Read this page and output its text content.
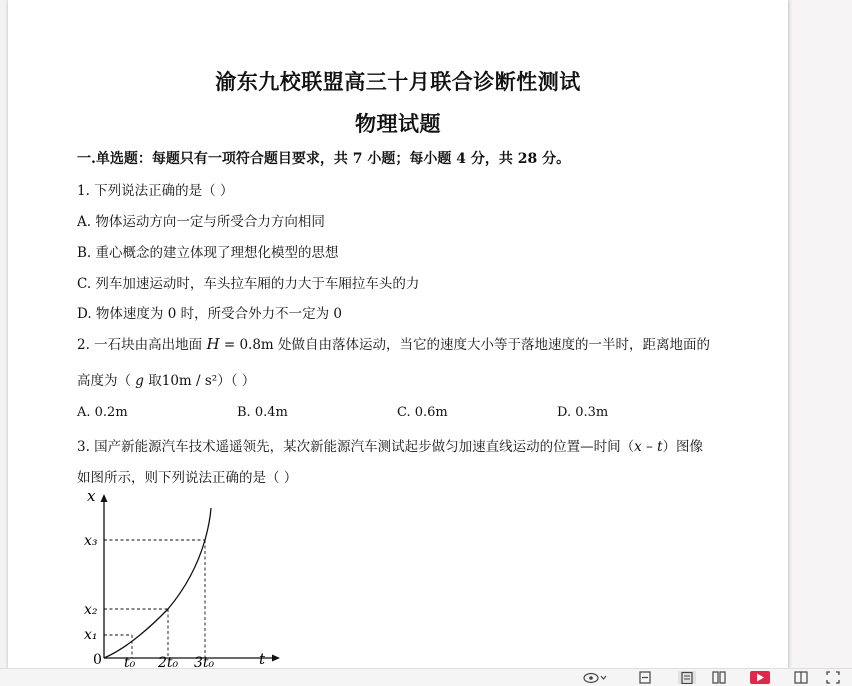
渝东九校联盟高三十月联合诊断性测试
物理试题
一.单选题：每题只有一项符合题目要求，共 7 小题；每小题 4 分，共 28 分。
1. 下列说法正确的是（ ）
A. 物体运动方向一定与所受合力方向相同
B. 重心概念的建立体现了理想化模型的思想
C. 列车加速运动时，车头拉车厢的力大于车厢拉车头的力
D. 物体速度为 0 时，所受合外力不一定为 0
2. 一石块由高出地面 H = 0.8m 处做自由落体运动，当它的速度大小等于落地速度的一半时，距离地面的
高度为（ g 取10m / s²）（ ）
A. 0.2m	B. 0.4m	C. 0.6m	D. 0.3m
3. 国产新能源汽车技术遥遥领先，某次新能源汽车测试起步做匀加速直线运动的位置—时间（x – t）图像
如图所示，则下列说法正确的是（ ）
x
t
0
x₃
x₂
x₁
t₀ 2t₀ 3t₀
